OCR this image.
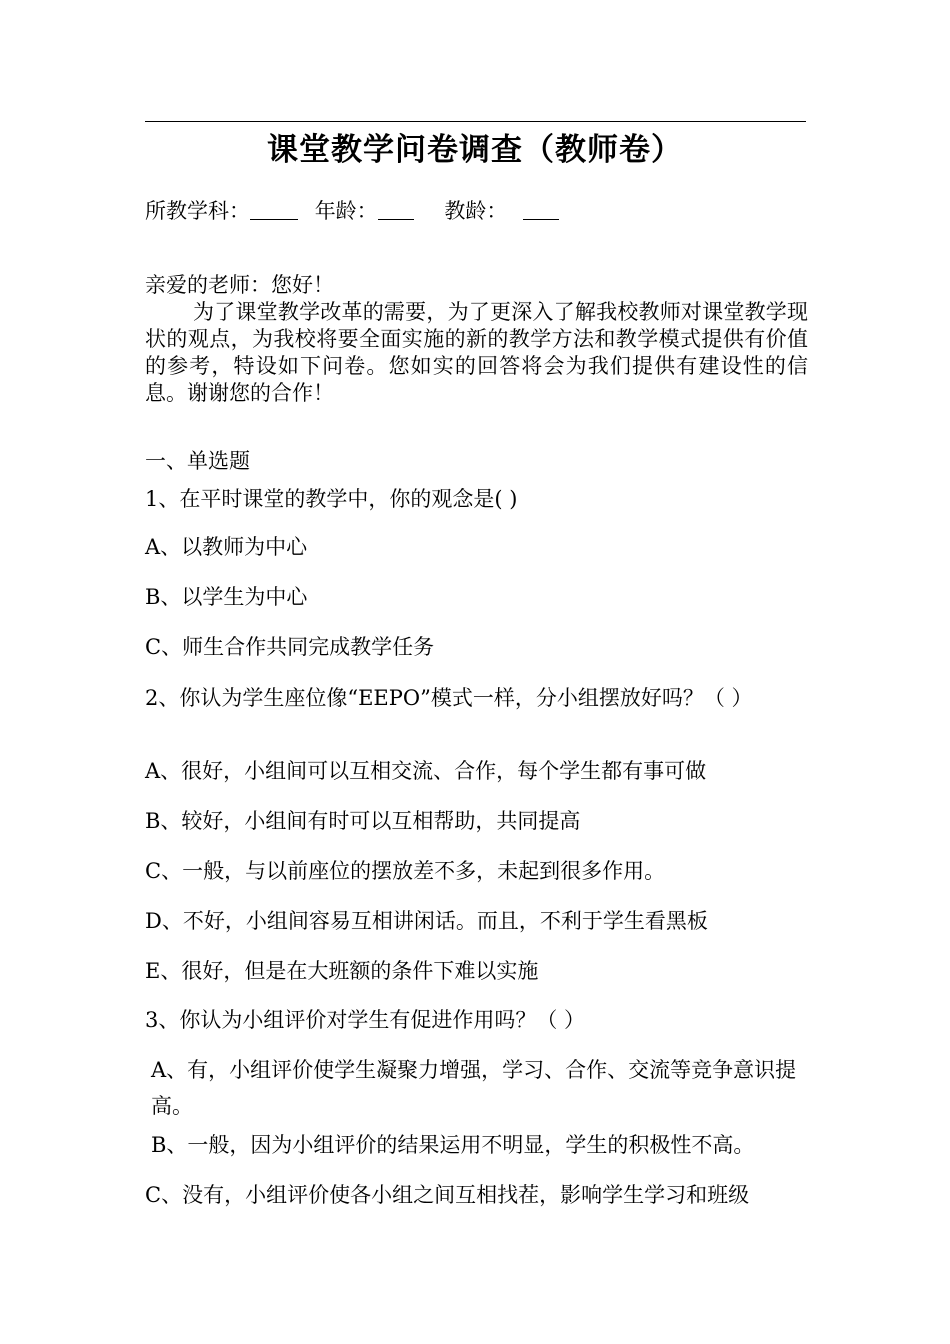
课堂教学问卷调查（教师卷）
所教学科：	年龄：	教龄：
亲爱的老师：您好！
为了课堂教学改革的需要，为了更深入了解我校教师对课堂教学现状的观点，为我校将要全面实施的新的教学方法和教学模式提供有价值的参考，特设如下问卷。您如实的回答将会为我们提供有建设性的信息。谢谢您的合作！
一、单选题
1、在平时课堂的教学中，你的观念是( )
A、以教师为中心
B、以学生为中心
C、师生合作共同完成教学任务
2、你认为学生座位像“EEPO”模式一样，分小组摆放好吗？（ ）
A、很好，小组间可以互相交流、合作，每个学生都有事可做
B、较好，小组间有时可以互相帮助，共同提高
C、一般，与以前座位的摆放差不多，未起到很多作用。
D、不好，小组间容易互相讲闲话。而且，不利于学生看黑板
E、很好，但是在大班额的条件下难以实施
3、你认为小组评价对学生有促进作用吗？（ ）
A、有，小组评价使学生凝聚力增强，学习、合作、交流等竞争意识提高。
B、一般，因为小组评价的结果运用不明显，学生的积极性不高。
C、没有，小组评价使各小组之间互相找茬，影响学生学习和班级
